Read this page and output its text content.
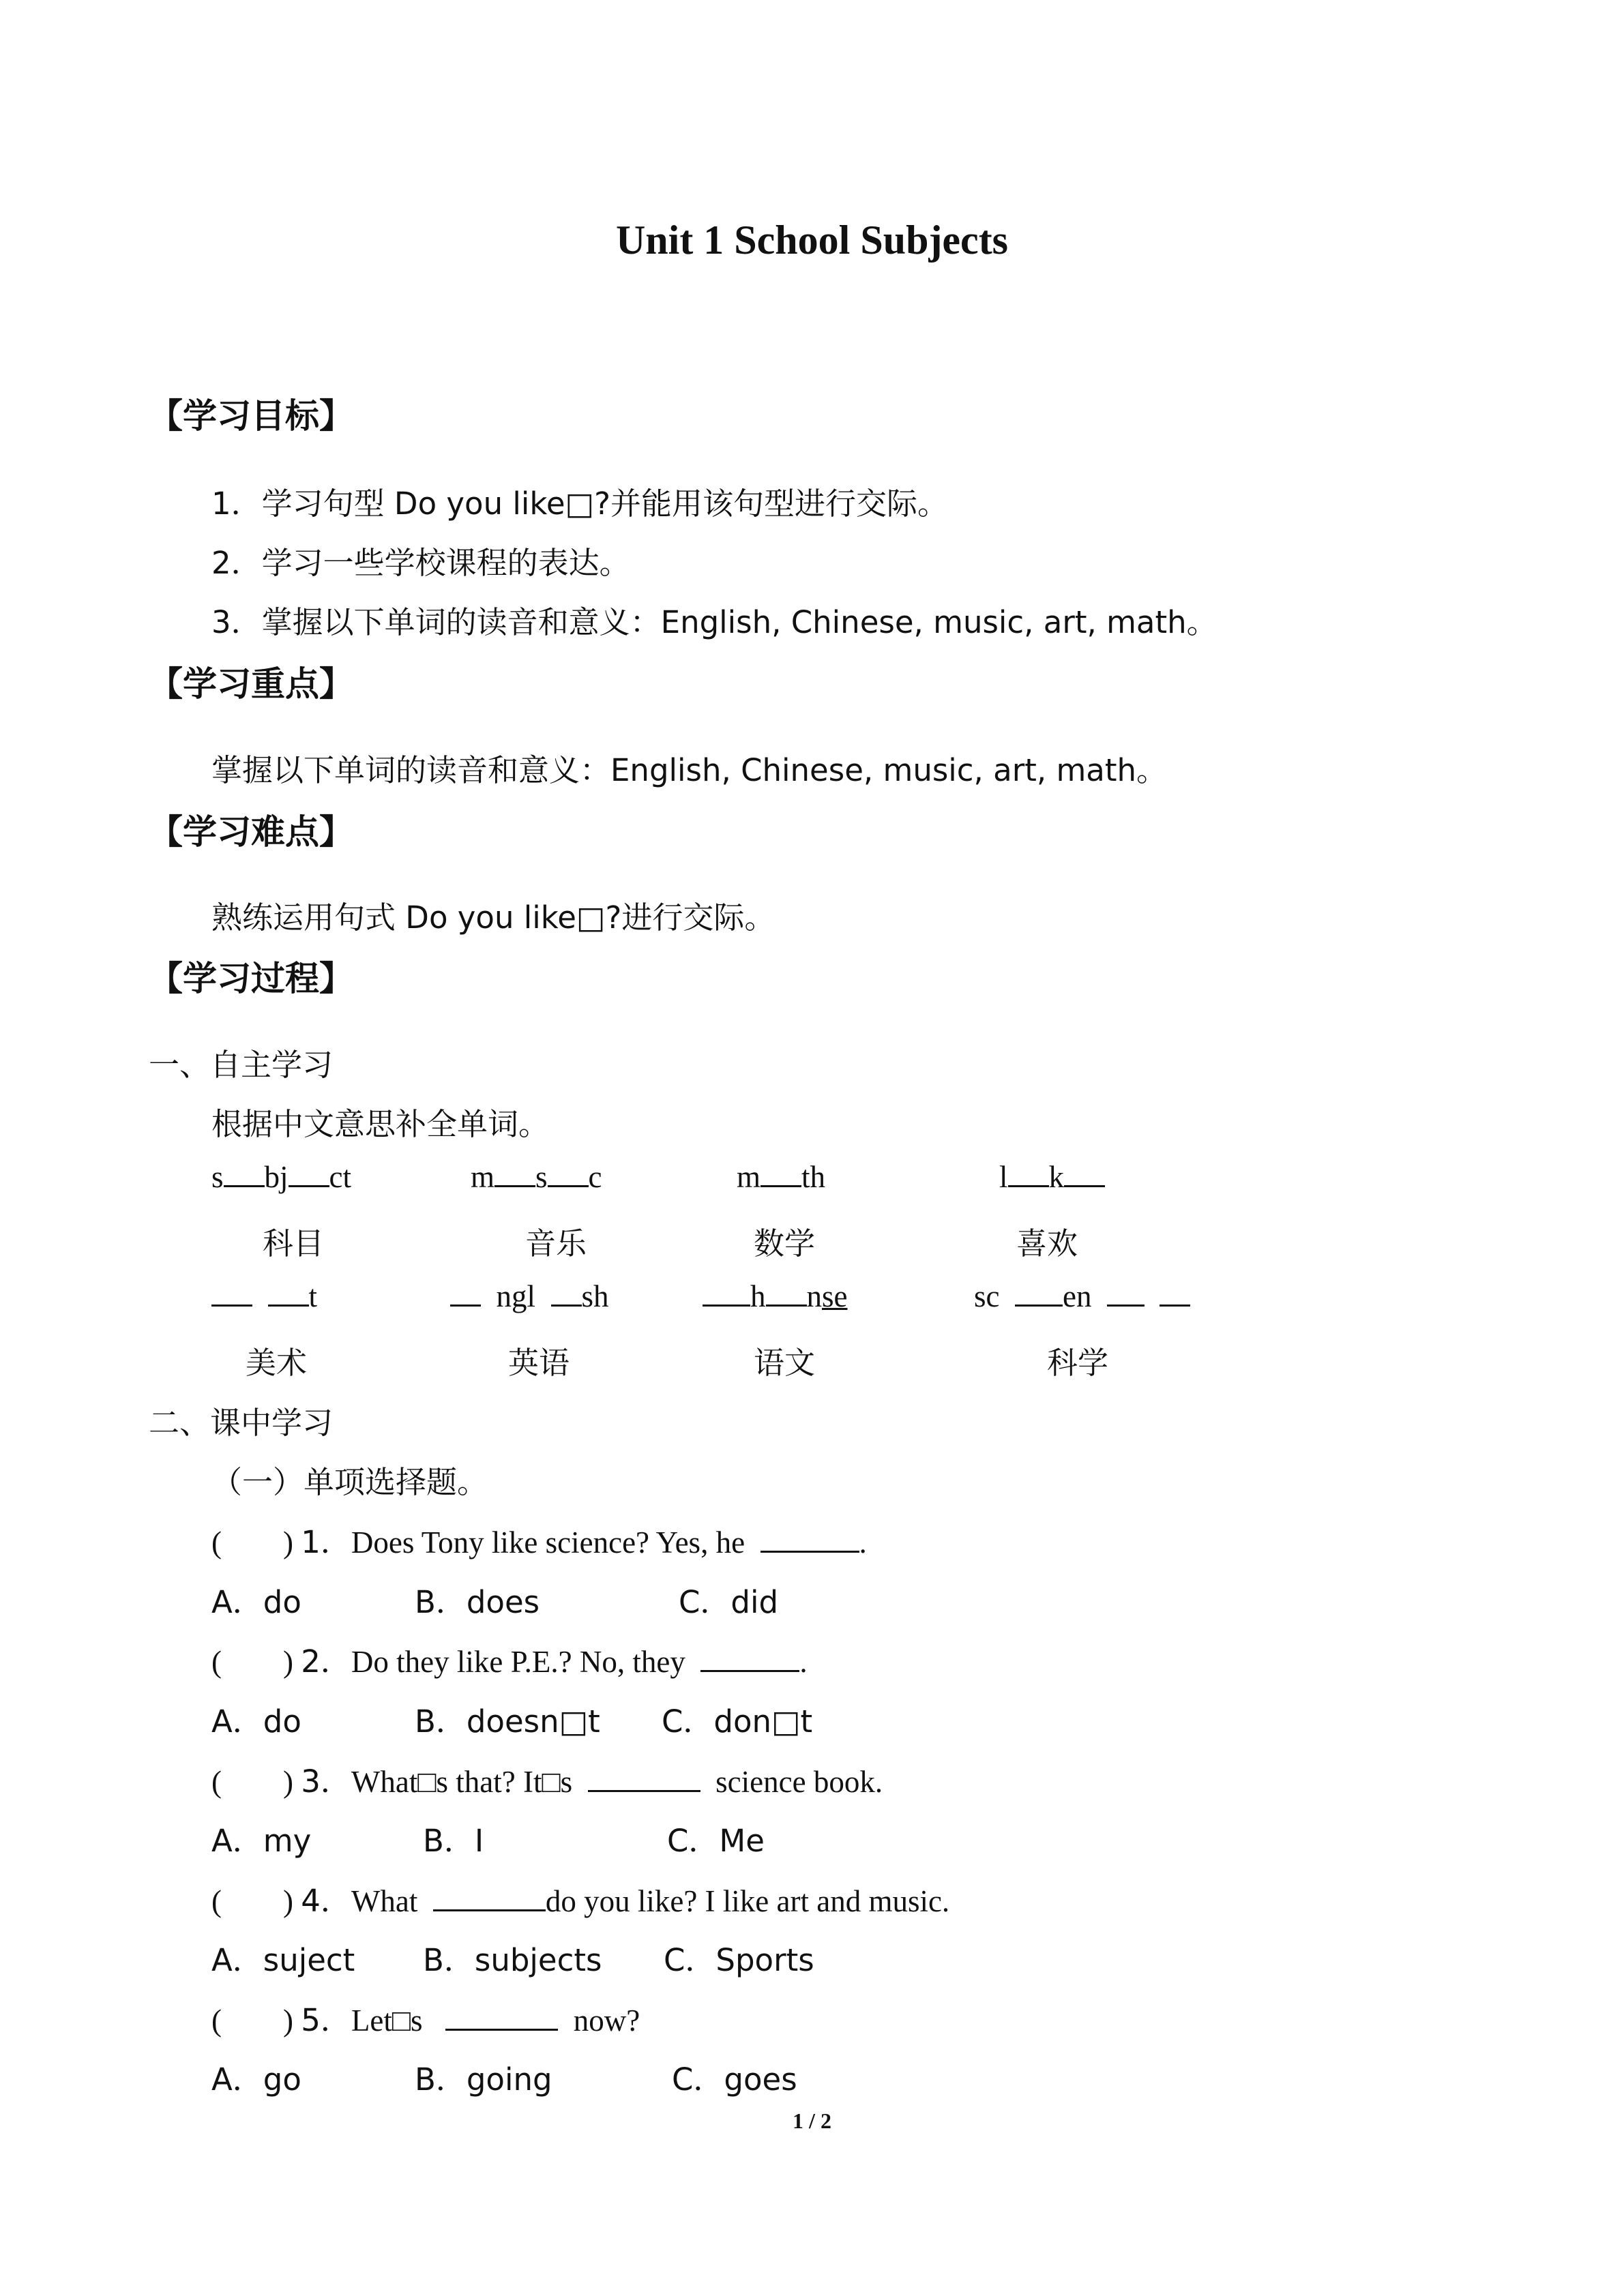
Unit 1 School Subjects
【学习目标】
1．学习句型 Do you like□?并能用该句型进行交际。
2．学习一些学校课程的表达。
3．掌握以下单词的读音和意义：English, Chinese, music, art, math。
【学习重点】
掌握以下单词的读音和意义：English, Chinese, music, art, math。
【学习难点】
熟练运用句式 Do you like□?进行交际。
【学习过程】
一、自主学习
根据中文意思补全单词。
s bj ct	m s c	m th	l k
科目	音乐	数学	喜欢
t	ngl sh	h nse	sc en
美术	英语	语文	科学
二、课中学习
（一）单项选择题。
( ) 1．Does Tony like science? Yes, he	.
A．do	B．does	C．did
( ) 2．Do they like P.E.? No, they	.
A．do	B．doesn□t C．don□t
( ) 3．What□s that? It□s	science book.
A．my	B．I	C．Me
( ) 4．What	do you like? I like art and music.
A．suject B．subjects C．Sports
( ) 5．Let□s	now?
A．go	B．going	C．goes
1 / 2
